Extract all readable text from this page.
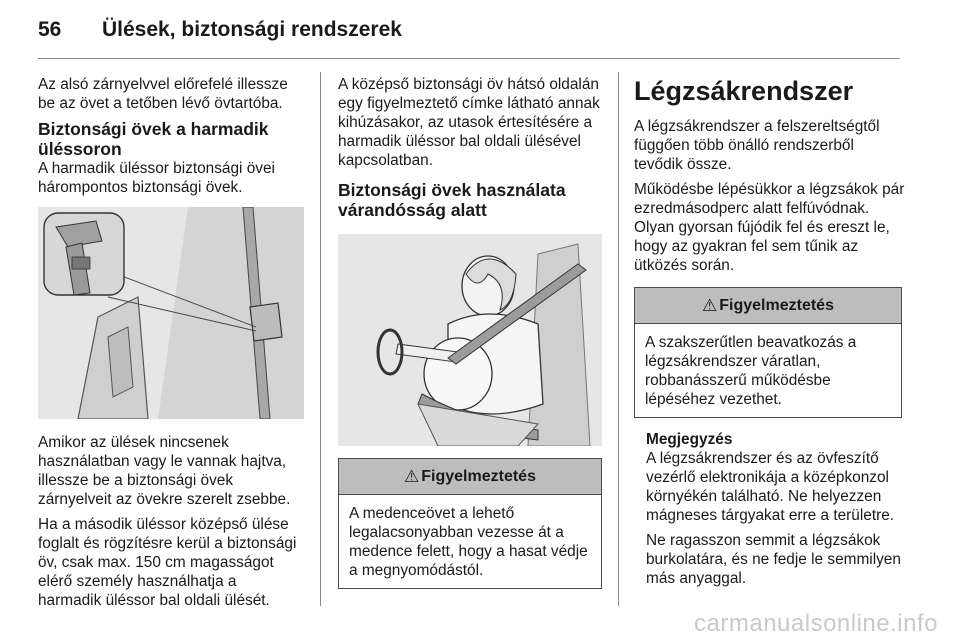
56	Ülések, biztonsági rendszerek

Az alsó zárnyelvvel előrefelé illessze be az övet a tetőben lévő övtartóba.

Biztonsági övek a harmadik üléssoron

A harmadik üléssor biztonsági övei hárompontos biztonsági övek.

Amikor az ülések nincsenek használatban vagy le vannak hajtva, illessze be a biztonsági övek zárnyelveit az övekre szerelt zsebbe.

Ha a második üléssor középső ülése foglalt és rögzítésre kerül a biztonsági öv, csak max. 150 cm magasságot elérő személy használhatja a harmadik üléssor bal oldali ülését.

A középső biztonsági öv hátsó oldalán egy figyelmeztető címke látható annak kihúzásakor, az utasok értesítésére a harmadik üléssor bal oldali ülésével kapcsolatban.

Biztonsági övek használata várandósság alatt
⚠ Figyelmeztetés

A medenceövet a lehető legalacsonyabban vezesse át a medence felett, hogy a hasat védje a megnyomódástól.

Légzsákrendszer

A légzsákrendszer a felszereltségtől függően több önálló rendszerből tevődik össze.

Működésbe lépésükkor a légzsákok pár ezredmásodperc alatt felfúvódnak. Olyan gyorsan fújódik fel és ereszt le, hogy az gyakran fel sem tűnik az ütközés során.

⚠ Figyelmeztetés

A szakszerűtlen beavatkozás a légzsákrendszer váratlan, robbanásszerű működésbe lépéséhez vezethet.

Megjegyzés

A légzsákrendszer és az övfeszítő vezérlő elektronikája a középkonzol környékén található. Ne helyezzen mágneses tárgyakat erre a területre.

Ne ragasszon semmit a légzsákok burkolatára, és ne fedje le semmilyen más anyaggal.

carmanualsonline.info
